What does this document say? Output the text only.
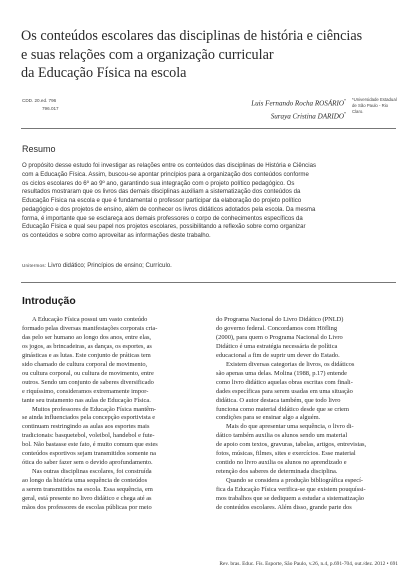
Os conteúdos escolares das disciplinas de história e ciências
e suas relações com a organização curricular
da Educação Física na escola
CDD. 20.ed. 796
796.017
Luis Fernando Rocha ROSÁRIO*
Suraya Cristina DARIDO*
*Universidade Estadual
de São Paulo - Rio
Claro.
Resumo
O propósito desse estudo foi investigar as relações entre os conteúdos das disciplinas de História e Ciências
com a Educação Física. Assim, buscou-se apontar princípios para a organização dos conteúdos conforme
os ciclos escolares do 6º ao 9º ano, garantindo sua integração com o projeto político pedagógico. Os
resultados mostraram que os livros das demais disciplinas auxiliam a sistematização dos conteúdos da
Educação Física na escola e que é fundamental o professor participar da elaboração do projeto político
pedagógico e dos projetos de ensino, além de conhecer os livros didáticos adotados pela escola. Da mesma
forma, é importante que se esclareça aos demais professores o corpo de conhecimentos específicos da
Educação Física e qual seu papel nos projetos escolares, possibilitando a reflexão sobre como organizar
os conteúdos e sobre como aproveitar as informações deste trabalho.
Unitermos: Livro didático; Princípios de ensino; Currículo.
Introdução
A Educação Física possui um vasto conteúdo
formado pelas diversas manifestações corporais cria-
das pelo ser humano ao longo dos anos, entre elas,
os jogos, as brincadeiras, as danças, os esportes, as
ginásticas e as lutas. Este conjunto de práticas tem
sido chamado de cultura corporal de movimento,
ou cultura corporal, ou cultura de movimento, entre
outros. Sendo um conjunto de saberes diversificado
e riquíssimo, consideramos extremamente impor-
tante seu tratamento nas aulas de Educação Física.
Muitos professores de Educação Física mantêm-
se ainda influenciados pela concepção esportivista e
continuam restringindo as aulas aos esportes mais
tradicionais: basquetebol, voleibol, handebol e fute-
bol. Não bastasse este fato, é muito comum que estes
conteúdos esportivos sejam transmitidos somente na
ótica do saber fazer sem o devido aprofundamento.
Nas outras disciplinas escolares, foi construída
ao longo da história uma sequência de conteúdos
a serem transmitidos na escola. Essa sequência, em
geral, está presente no livro didático e chega até as
mãos dos professores de escolas públicas por meio
do Programa Nacional do Livro Didático (PNLD)
do governo federal. Concordamos com Höfling
(2000), para quem o Programa Nacional do Livro
Didático é uma estratégia necessária de política
educacional a fim de suprir um dever do Estado.
Existem diversas categorias de livros, os didáticos
são apenas uma delas. Molina (1988, p.17) entende
como livro didático aquelas obras escritas com finali-
dades específicas para serem usadas em uma situação
didática. O autor destaca também, que todo livro
funciona como material didático desde que se criem
condições para se ensinar algo a alguém.
Mais do que apresentar uma sequência, o livro di-
dático também auxilia os alunos sendo um material
de apoio com textos, gravuras, tabelas, artigos, entrevistas,
fotos, músicas, filmes, sites e exercícios. Esse material
contido no livro auxilia os alunos no aprendizado e
retenção dos saberes de determinada disciplina.
Quando se considera a produção bibliográfica especí-
fica da Educação Física verifica-se que existem pouquíssi-
mos trabalhos que se dediquem a estudar a sistematização
de conteúdos escolares. Além disso, grande parte dos
Rev. bras. Educ. Fís. Esporte, São Paulo, v.26, n.4, p.691-704, out./dez. 2012 • 691
